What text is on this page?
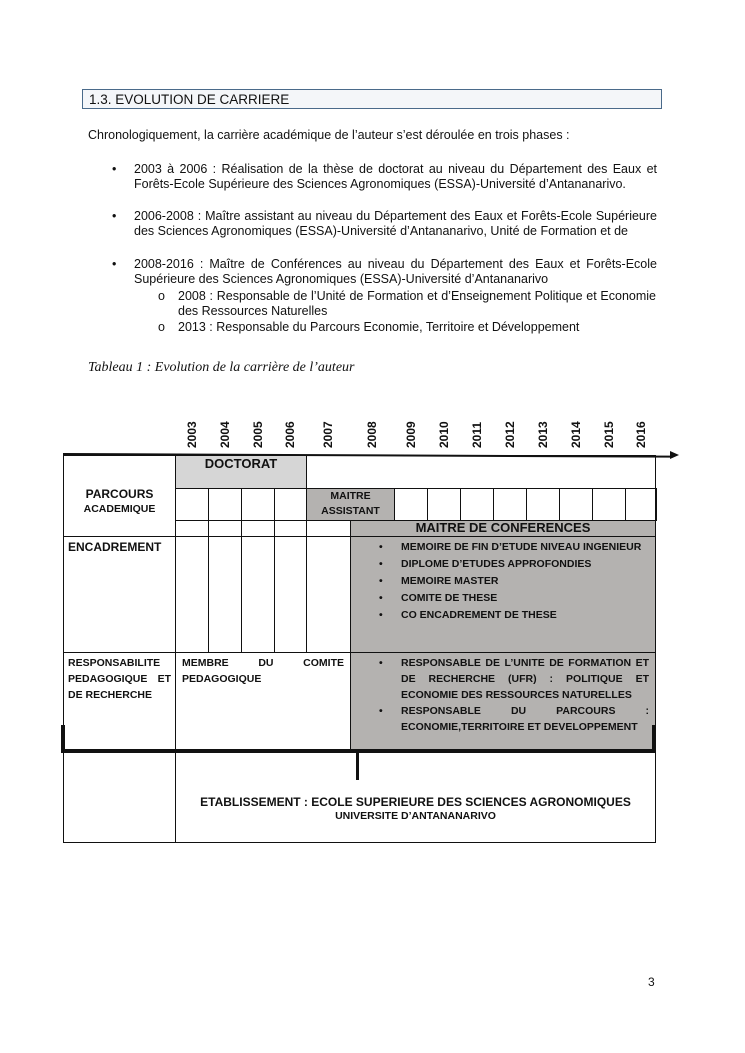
1.3. EVOLUTION DE CARRIERE
Chronologiquement, la carrière académique de l’auteur s’est déroulée en trois phases :
• 2003 à 2006 : Réalisation de la thèse de doctorat au niveau du Département des Eaux et Forêts-Ecole Supérieure des Sciences Agronomiques (ESSA)-Université d’Antananarivo.
• 2006-2008 : Maître assistant au niveau du Département des Eaux et Forêts-Ecole Supérieure des Sciences Agronomiques (ESSA)-Université d’Antananarivo, Unité de Formation et de
• 2008-2016 : Maître de Conférences au niveau du Département des Eaux et Forêts-Ecole Supérieure des Sciences Agronomiques (ESSA)-Université d’Antananarivo
o 2008 : Responsable de l’Unité de Formation et d’Enseignement Politique et Economie des Ressources Naturelles
o 2013 : Responsable du Parcours Economie, Territoire et Développement
Tableau 1 : Evolution de la carrière de l’auteur
2003 2004 2005 2006 2007	2008 2009 2010 2011 2012 2013 2014 2015 2016
DOCTORAT
MAITRE
ASSISTANT
MAITRE DE CONFERENCES
PARCOURS
ACADEMIQUE
ENCADREMENT	• MEMOIRE DE FIN D’ETUDE NIVEAU INGENIEUR
• DIPLOME D’ETUDES APPROFONDIES
• MEMOIRE MASTER
• COMITE DE THESE
• CO ENCADREMENT DE THESE
RESPONSABILITE PEDAGOGIQUE ET DE RECHERCHE
MEMBRE DU COMITE PEDAGOGIQUE
• RESPONSABLE DE L’UNITE DE FORMATION ET DE RECHERCHE (UFR) : POLITIQUE ET ECONOMIE DES RESSOURCES NATURELLES
• RESPONSABLE DU PARCOURS : ECONOMIE,TERRITOIRE ET DEVELOPPEMENT
ETABLISSEMENT : ECOLE SUPERIEURE DES SCIENCES AGRONOMIQUES
UNIVERSITE D’ANTANANARIVO
3
